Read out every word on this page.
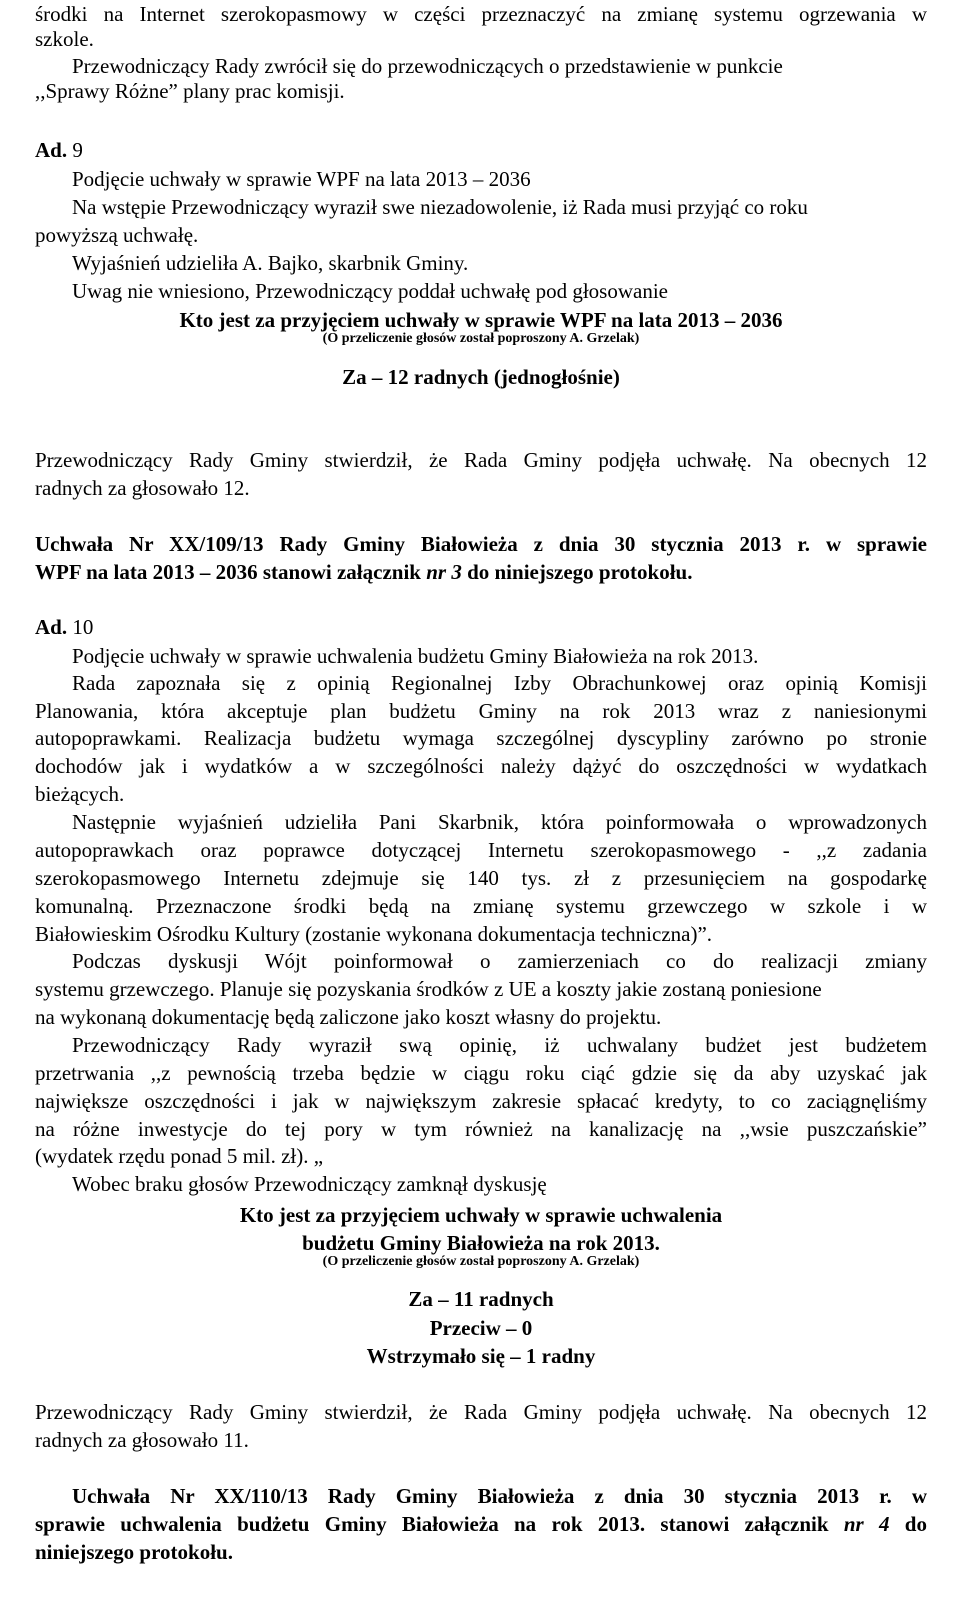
środki na Internet szerokopasmowy w części przeznaczyć na zmianę systemu ogrzewania w
szkole.
Przewodniczący Rady zwrócił się do przewodniczących o przedstawienie w punkcie
,,Sprawy Różne” plany prac komisji.
Ad. 9
Podjęcie uchwały w sprawie WPF na lata 2013 – 2036
Na wstępie Przewodniczący wyraził swe niezadowolenie, iż Rada musi przyjąć co roku
powyższą uchwałę.
Wyjaśnień udzieliła A. Bajko, skarbnik Gminy.
Uwag nie wniesiono, Przewodniczący poddał uchwałę pod głosowanie
Kto jest za przyjęciem uchwały w sprawie WPF na lata 2013 – 2036
(O przeliczenie głosów został poproszony A. Grzelak)
Za – 12 radnych (jednogłośnie)
Przewodniczący Rady Gminy stwierdził, że Rada Gminy podjęła uchwałę. Na obecnych 12
radnych za głosowało 12.
Uchwała Nr XX/109/13 Rady Gminy Białowieża z dnia 30 stycznia 2013 r. w sprawie
WPF na lata 2013 – 2036 stanowi załącznik nr 3 do niniejszego protokołu.
Ad. 10
Podjęcie uchwały w sprawie uchwalenia budżetu Gminy Białowieża na rok 2013.
Rada zapoznała się z opinią Regionalnej Izby Obrachunkowej oraz opinią Komisji
Planowania, która akceptuje plan budżetu Gminy na rok 2013 wraz z naniesionymi
autopoprawkami. Realizacja budżetu wymaga szczególnej dyscypliny zarówno po stronie
dochodów jak i wydatków a w szczególności należy dążyć do oszczędności w wydatkach
bieżących.
Następnie wyjaśnień udzieliła Pani Skarbnik, która poinformowała o wprowadzonych
autopoprawkach oraz poprawce dotyczącej Internetu szerokopasmowego - ,,z zadania
szerokopasmowego Internetu zdejmuje się 140 tys. zł z przesunięciem na gospodarkę
komunalną. Przeznaczone środki będą na zmianę systemu grzewczego w szkole i w
Białowieskim Ośrodku Kultury (zostanie wykonana dokumentacja techniczna)”.
Podczas dyskusji Wójt poinformował o zamierzeniach co do realizacji zmiany
systemu grzewczego. Planuje się pozyskania środków z UE a koszty jakie zostaną poniesione
na wykonaną dokumentację będą zaliczone jako koszt własny do projektu.
Przewodniczący Rady wyraził swą opinię, iż uchwalany budżet jest budżetem
przetrwania ,,z pewnością trzeba będzie w ciągu roku ciąć gdzie się da aby uzyskać jak
największe oszczędności i jak w największym zakresie spłacać kredyty, to co zaciągnęliśmy
na różne inwestycje do tej pory w tym również na kanalizację na ,,wsie puszczańskie”
(wydatek rzędu ponad 5 mil. zł). „
Wobec braku głosów Przewodniczący zamknął dyskusję
Kto jest za przyjęciem uchwały w sprawie uchwalenia
budżetu Gminy Białowieża na rok 2013.
(O przeliczenie głosów został poproszony A. Grzelak)
Za – 11 radnych
Przeciw – 0
Wstrzymało się – 1 radny
Przewodniczący Rady Gminy stwierdził, że Rada Gminy podjęła uchwałę. Na obecnych 12
radnych za głosowało 11.
Uchwała Nr XX/110/13 Rady Gminy Białowieża z dnia 30 stycznia 2013 r. w
sprawie uchwalenia budżetu Gminy Białowieża na rok 2013. stanowi załącznik nr 4 do
niniejszego protokołu.
